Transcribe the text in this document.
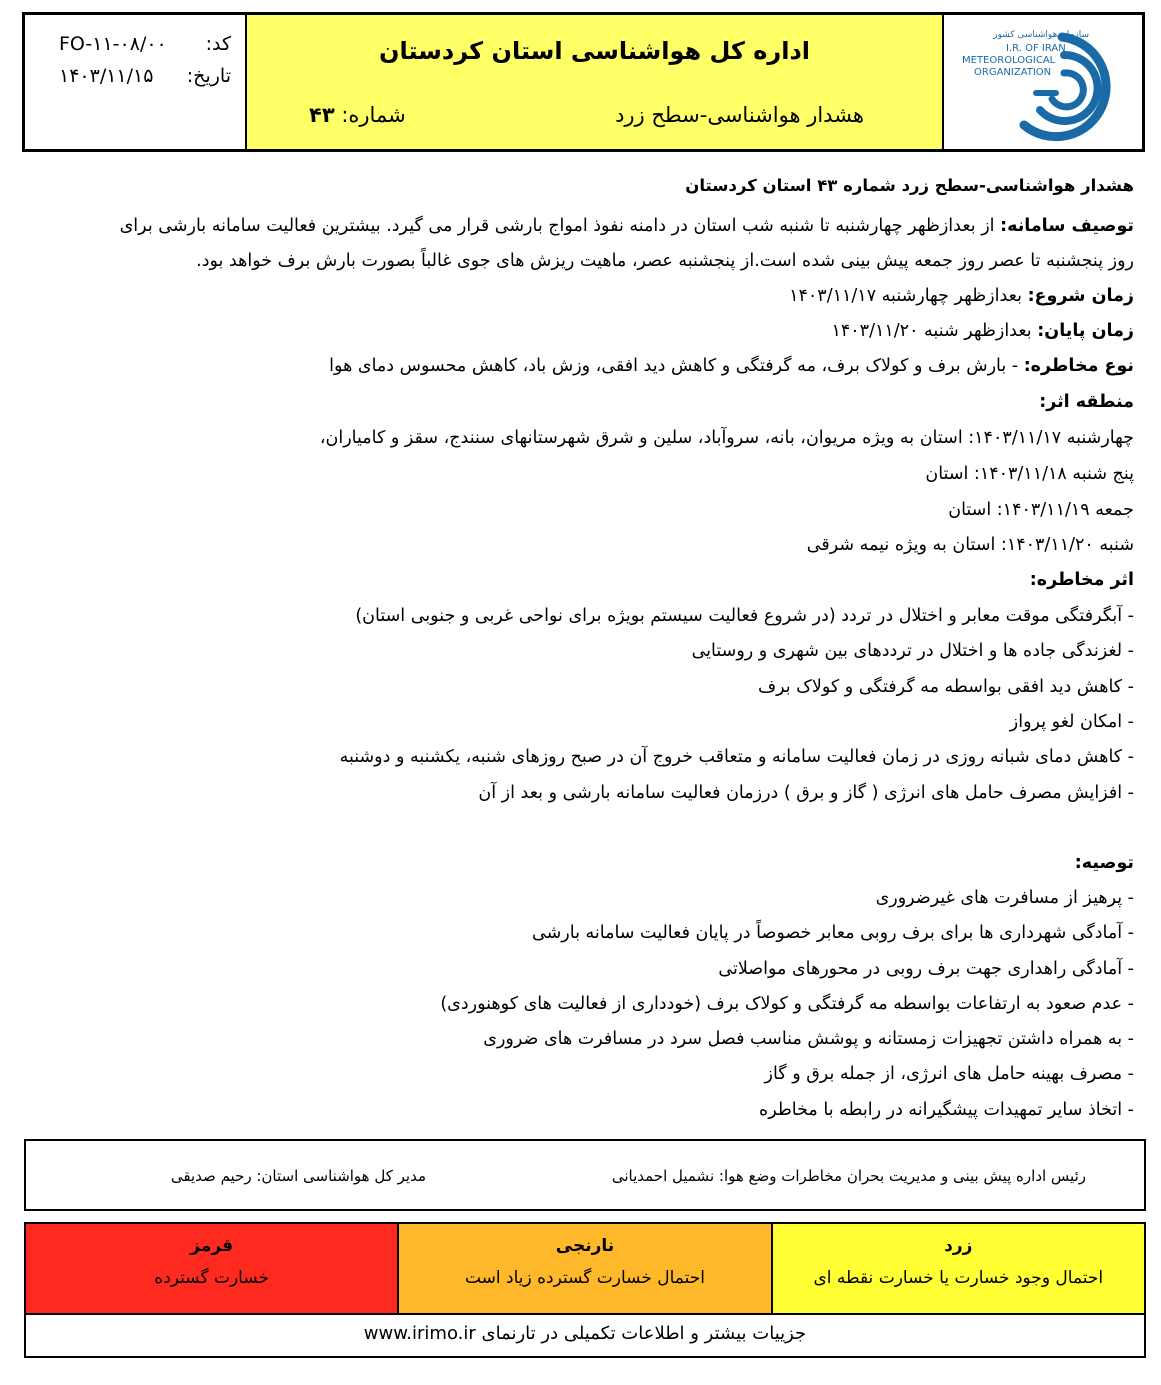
کد:
FO-۱۱-۰۸/۰۰
تاریخ:
۱۴۰۳/۱۱/۱۵
اداره کل هواشناسی استان کردستان
هشدار هواشناسی-سطح زرد
شماره: ۴۳
سازمان هواشناسی کشور
I.R. OF IRAN
METEOROLOGICAL
ORGANIZATION
هشدار هواشناسی-سطح زرد شماره ۴۳ استان کردستان
توصیف سامانه: از بعدازظهر چهارشنبه تا شنبه شب استان در دامنه نفوذ امواج بارشی قرار می گیرد. بیشترین فعالیت سامانه بارشی برای
روز پنجشنبه تا عصر روز جمعه پیش بینی شده است.از پنجشنبه عصر، ماهیت ریزش های جوی غالباً بصورت بارش برف خواهد بود.
زمان شروع: بعدازظهر چهارشنبه ۱۴۰۳/۱۱/۱۷
زمان پایان: بعدازظهر شنبه ۱۴۰۳/۱۱/۲۰
نوع مخاطره: - بارش برف و کولاک برف، مه گرفتگی و کاهش دید افقی، وزش باد، کاهش محسوس دمای هوا
منطقه اثر:
چهارشنبه ۱۴۰۳/۱۱/۱۷: استان به ویژه مریوان، بانه، سروآباد، سلین و شرق شهرستانهای سنندج، سقز و کامیاران،
پنج شنبه ۱۴۰۳/۱۱/۱۸: استان
جمعه ۱۴۰۳/۱۱/۱۹: استان
شنبه ۱۴۰۳/۱۱/۲۰: استان به ویژه نیمه شرقی
اثر مخاطره:
- آبگرفتگی موقت معابر و اختلال در تردد (در شروع فعالیت سیستم بویژه برای نواحی غربی و جنوبی استان)
- لغزندگی جاده ها و اختلال در ترددهای بین شهری و روستایی
- کاهش دید افقی بواسطه مه گرفتگی و کولاک برف
- امکان لغو پرواز
- کاهش دمای شبانه روزی در زمان فعالیت سامانه و متعاقب خروج آن در صبح روزهای شنبه، یکشنبه و دوشنبه
- افزایش مصرف حامل های انرژی ( گاز و برق ) درزمان فعالیت سامانه بارشی و بعد از آن
توصیه:
- پرهیز از مسافرت های غیرضروری
- آمادگی شهرداری ها برای برف روبی معابر خصوصاً در پایان فعالیت سامانه بارشی
- آمادگی راهداری جهت برف روبی در محورهای مواصلاتی
- عدم صعود به ارتفاعات بواسطه مه گرفتگی و کولاک برف (خودداری از فعالیت های کوهنوردی)
- به همراه داشتن تجهیزات زمستانه و پوشش مناسب فصل سرد در مسافرت های ضروری
- مصرف بهینه حامل های انرژی، از جمله برق و گاز
- اتخاذ سایر تمهیدات پیشگیرانه در رابطه با مخاطره
رئیس اداره پیش بینی و مدیریت بحران مخاطرات وضع هوا: نشمیل احمدیانی
مدیر کل هواشناسی استان: رحیم صدیقی
قرمز
خسارت گسترده
نارنجی
احتمال خسارت گسترده زیاد است
زرد
احتمال وجود خسارت یا خسارت نقطه ای
جزییات بیشتر و اطلاعات تکمیلی در تارنمای www.irimo.ir
